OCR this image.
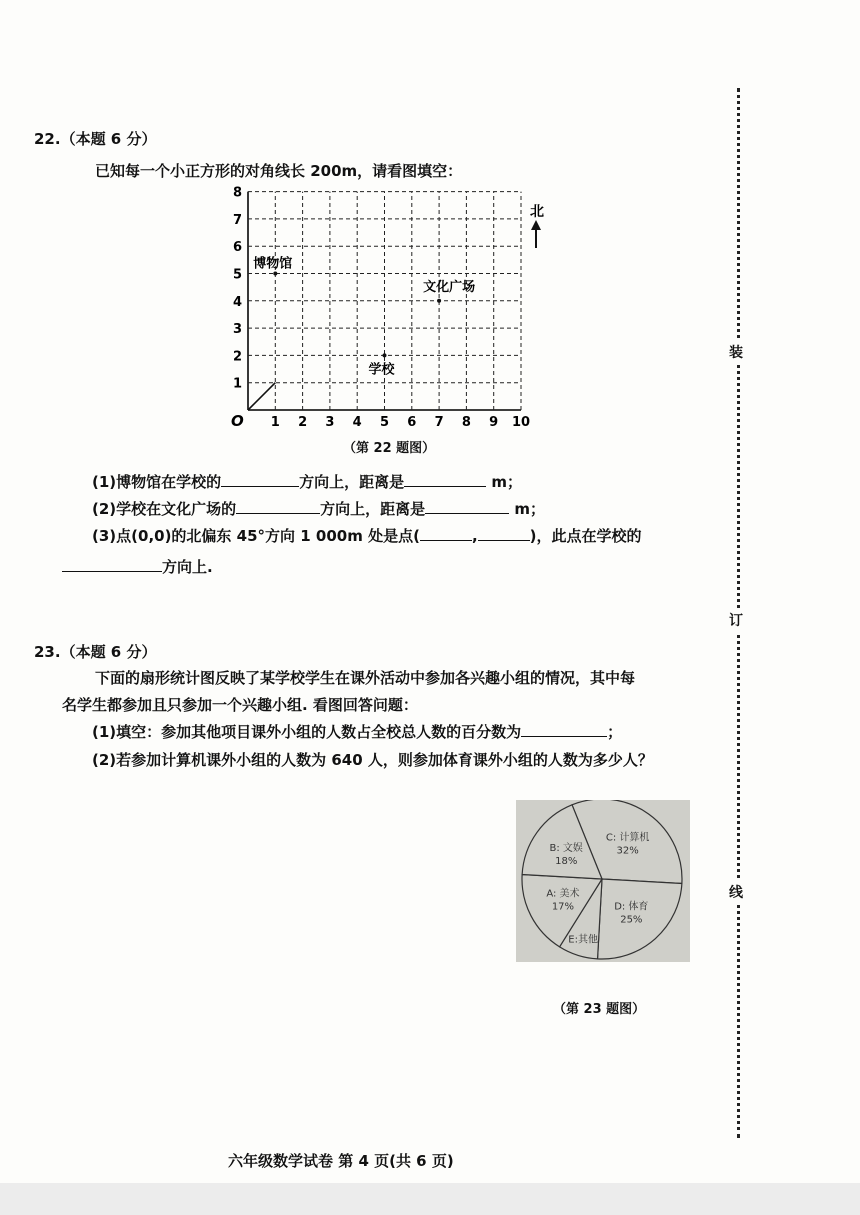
22.（本题 6 分）
已知每一个小正方形的对角线长 200m，请看图填空：
1 2 3 4 5 6 7 8 9 10
1
2
3
4
5
6
7
8
博物馆
文化广场
学校
O
北
（第 22 题图）
(1)博物馆在学校的	方向上，距离是	m；
(2)学校在文化广场的	方向上，距离是	m；
(3)点(0,0)的北偏东 45°方向 1 000m 处是点(	,	)，此点在学校的
方向上.
23.（本题 6 分）
下面的扇形统计图反映了某学校学生在课外活动中参加各兴趣小组的情况，其中每
名学生都参加且只参加一个兴趣小组. 看图回答问题：
(1)填空：参加其他项目课外小组的人数占全校总人数的百分数为	；
(2)若参加计算机课外小组的人数为 640 人，则参加体育课外小组的人数为多少人？
C: 计算机
32%
D: 体育
25%
E:其他
A: 美术
17%
B: 文娱
18%
（第 23 题图）
装
订
线
六年级数学试卷 第 4 页(共 6 页)
